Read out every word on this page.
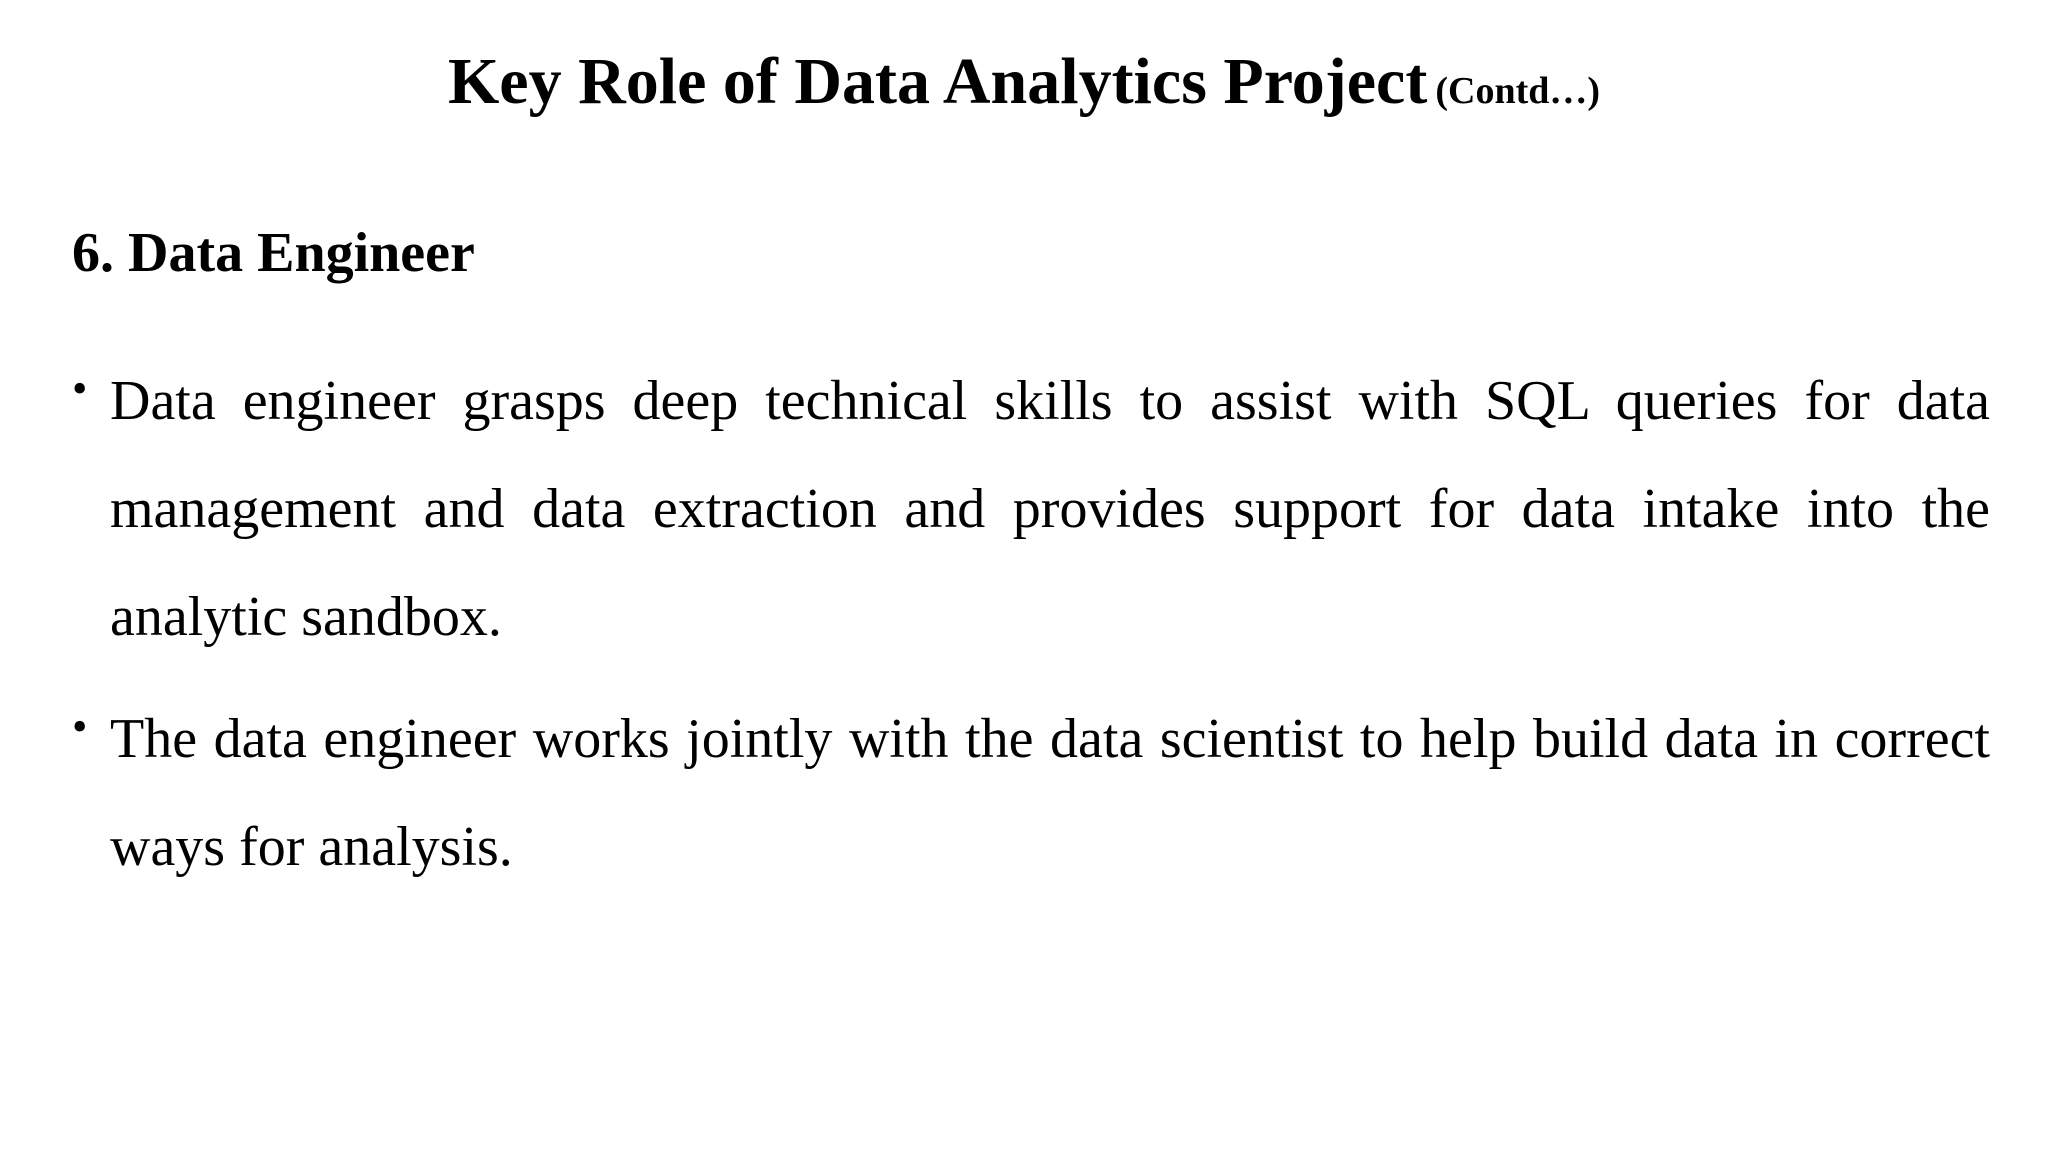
Key Role of Data Analytics Project (Contd…)
6. Data Engineer
• Data engineer grasps deep technical skills to assist with SQL queries for data management and data extraction and provides support for data intake into the analytic sandbox.
• The data engineer works jointly with the data scientist to help build data in correct ways for analysis.
